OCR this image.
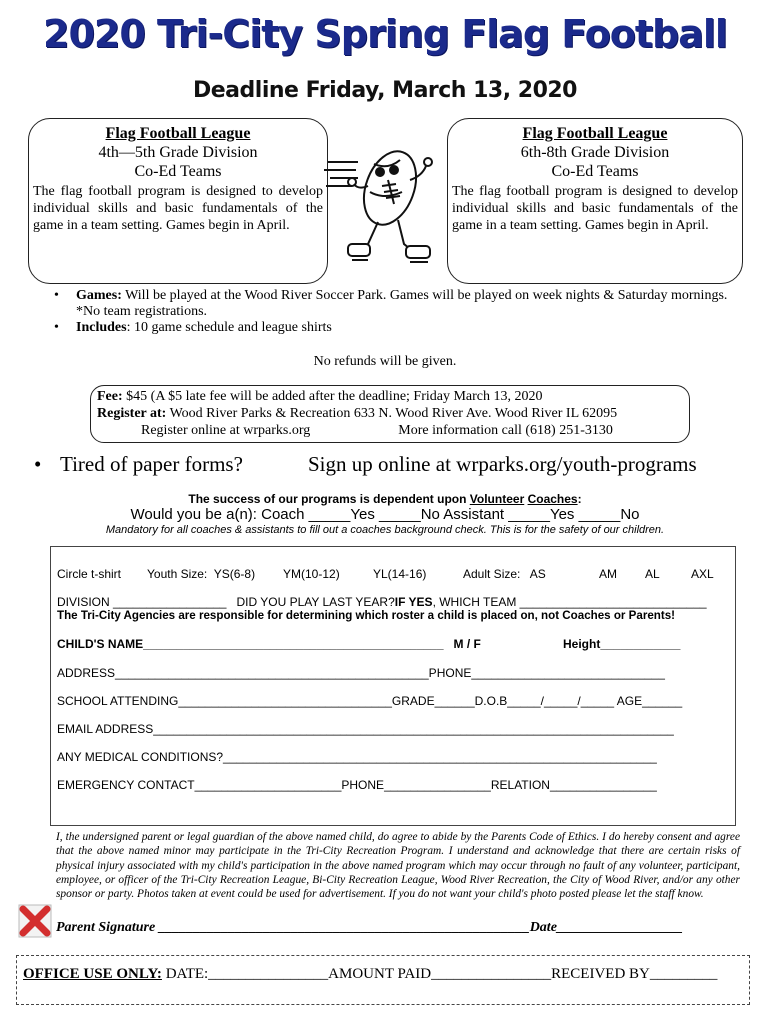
2020 Tri-City Spring Flag Football
Deadline Friday, March 13, 2020
Flag Football League
4th—5th Grade Division
Co-Ed Teams
The flag football program is designed to develop individual skills and basic fundamentals of the game in a team setting. Games begin in April.
Flag Football League
6th-8th Grade Division
Co-Ed Teams
The flag football program is designed to develop individual skills and basic fundamentals of the game in a team setting. Games begin in April.
• Games: Will be played at the Wood River Soccer Park. Games will be played on week nights & Saturday mornings. *No team registrations.
• Includes: 10 game schedule and league shirts
No refunds will be given.
Fee: $45 (A $5 late fee will be added after the deadline; Friday March 13, 2020
Register at: Wood River Parks & Recreation 633 N. Wood River Ave. Wood River IL 62095
Register online at wrparks.org	More information call (618) 251-3130
• Tired of paper forms?	Sign up online at wrparks.org/youth-programs
The success of our programs is dependent upon Volunteer Coaches:
Would you be a(n): Coach _____Yes _____No Assistant _____Yes _____No
Mandatory for all coaches & assistants to fill out a coaches background check. This is for the safety of our children.
Circle t-shirt Youth Size:  YS(6-8) YM(10-12)	YL(14-16)	Adult Size:   AS	AM AL	AXL
DIVISION _________________   DID YOU PLAY LAST YEAR?IF YES, WHICH TEAM ____________________________
The Tri-City Agencies are responsible for determining which roster a child is placed on, not Coaches or Parents!
CHILD'S NAME_____________________________________________   M / F	Height____________
ADDRESS_______________________________________________PHONE_____________________________
SCHOOL ATTENDING________________________________GRADE______D.O.B_____/_____/_____ AGE______
EMAIL ADDRESS______________________________________________________________________________
ANY MEDICAL CONDITIONS?_________________________________________________________________
EMERGENCY CONTACT______________________PHONE________________RELATION________________
I, the undersigned parent or legal guardian of the above named child, do agree to abide by the Parents Code of Ethics. I do hereby consent and agree that the above named minor may participate in the Tri-City Recreation Program. I understand and acknowledge that there are certain risks of physical injury associated with my child's participation in the above named program which may occur through no fault of any volunteer, participant, employee, or officer of the Tri-City Recreation League, Bi-City Recreation League, Wood River Recreation, the City of Wood River, and/or any other sponsor or party. Photos taken at event could be used for advertisement. If you do not want your child's photo posted please let the staff know.
Parent Signature _____________________________________________________Date__________________
OFFICE USE ONLY: DATE:________________AMOUNT PAID________________RECEIVED BY_________
